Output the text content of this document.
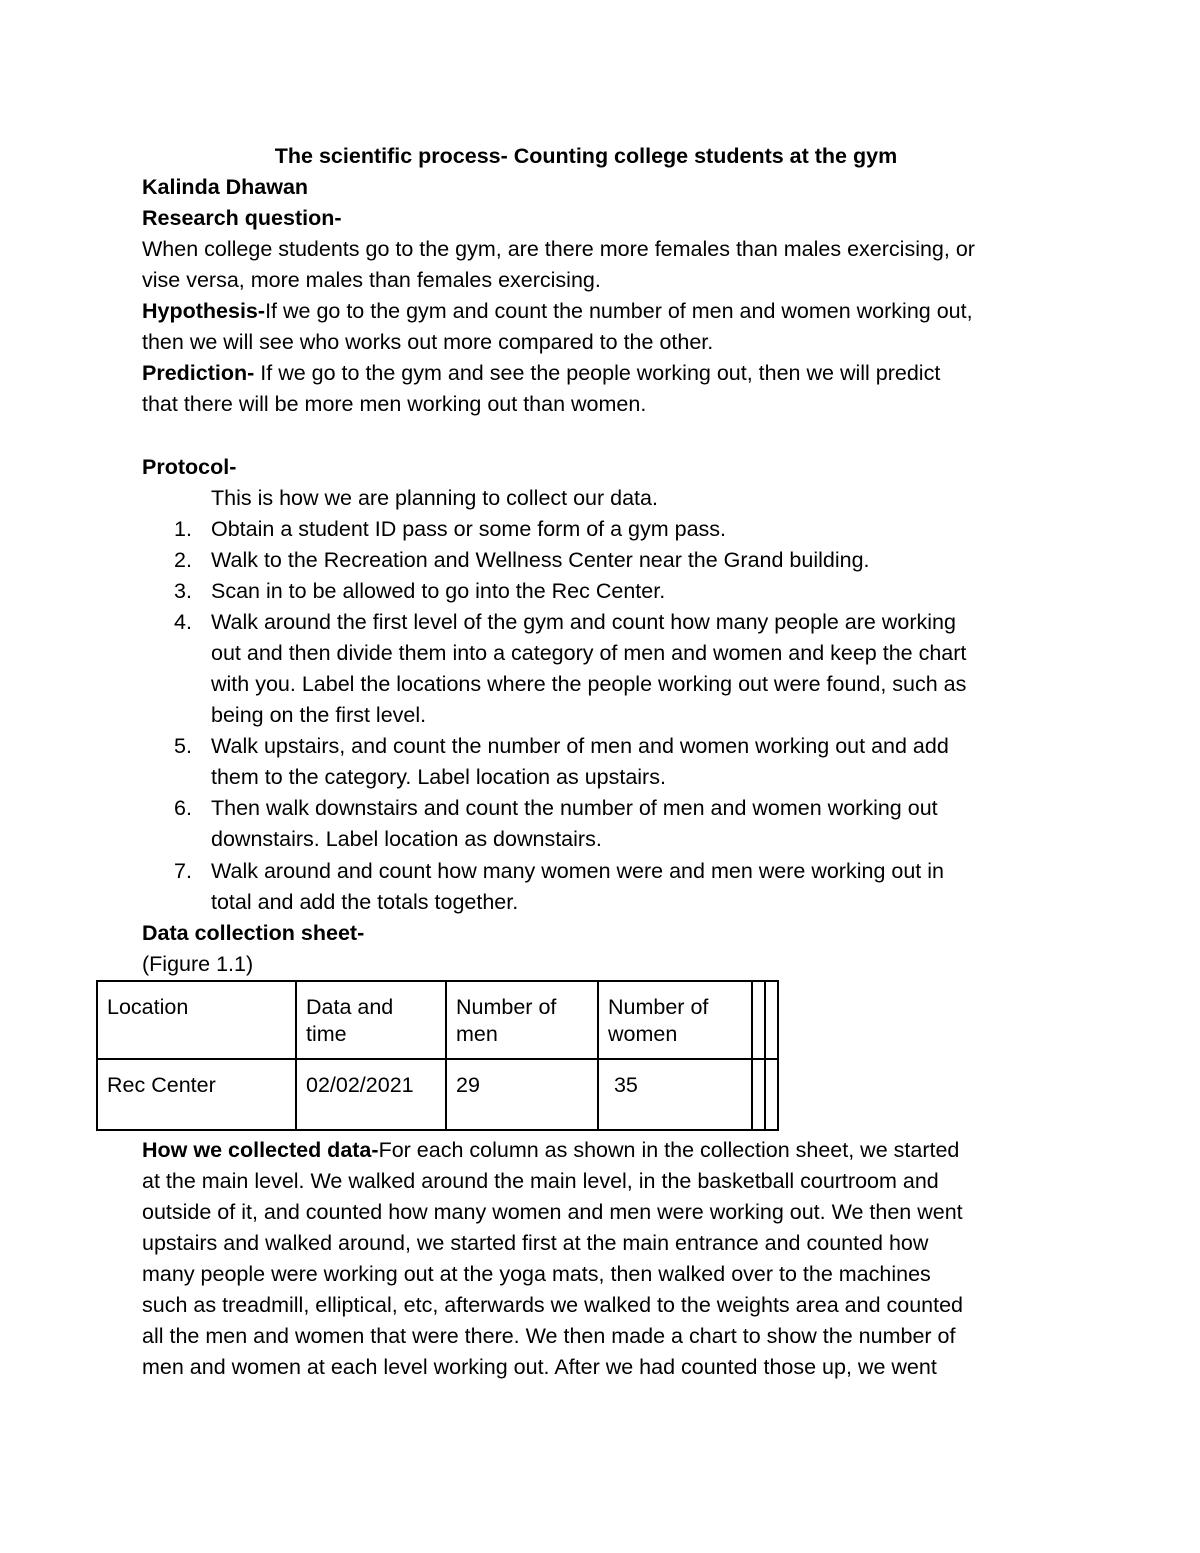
The scientific process- Counting college students at the gym
Kalinda Dhawan
Research question-
When college students go to the gym, are there more females than males exercising, or
vise versa, more males than females exercising.
Hypothesis-If we go to the gym and count the number of men and women working out,
then we will see who works out more compared to the other.
Prediction- If we go to the gym and see the people working out, then we will predict
that there will be more men working out than women.
Protocol-
This is how we are planning to collect our data.
1. Obtain a student ID pass or some form of a gym pass.
2. Walk to the Recreation and Wellness Center near the Grand building.
3. Scan in to be allowed to go into the Rec Center.
4. Walk around the first level of the gym and count how many people are working
out and then divide them into a category of men and women and keep the chart
with you. Label the locations where the people working out were found, such as
being on the first level.
5. Walk upstairs, and count the number of men and women working out and add
them to the category. Label location as upstairs.
6. Then walk downstairs and count the number of men and women working out
downstairs. Label location as downstairs.
7. Walk around and count how many women were and men were working out in
total and add the totals together.
Data collection sheet-
(Figure 1.1)
Location	Data and time	Number of men	Number of women		
Rec Center	02/02/2021	29	35		
How we collected data-For each column as shown in the collection sheet, we started
at the main level. We walked around the main level, in the basketball courtroom and
outside of it, and counted how many women and men were working out. We then went
upstairs and walked around, we started first at the main entrance and counted how
many people were working out at the yoga mats, then walked over to the machines
such as treadmill, elliptical, etc, afterwards we walked to the weights area and counted
all the men and women that were there. We then made a chart to show the number of
men and women at each level working out. After we had counted those up, we went
